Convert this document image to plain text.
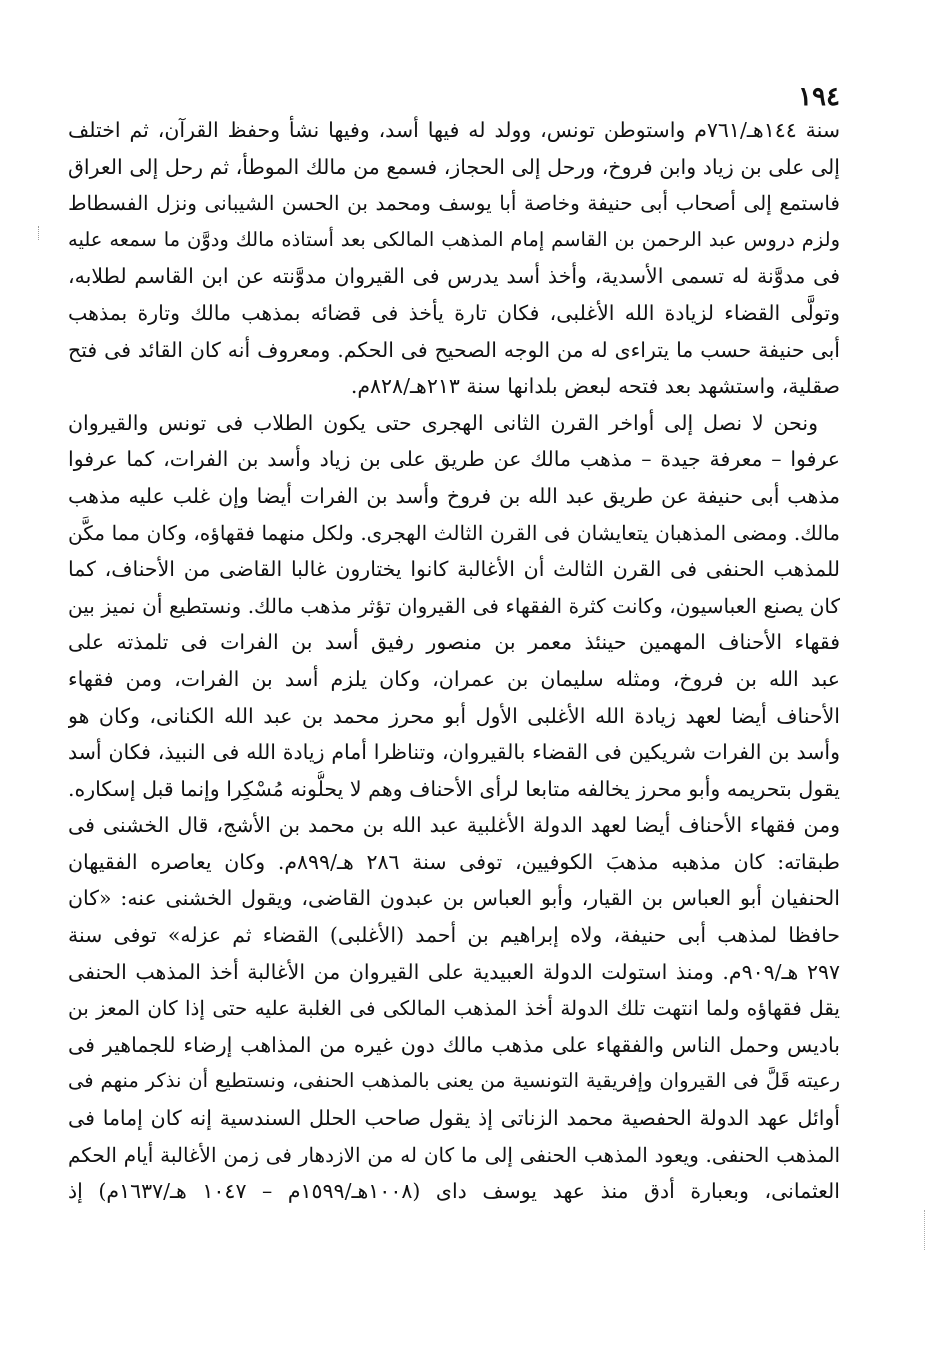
١٩٤
سنة ١٤٤هـ/٧٦١م واستوطن تونس، وولد له فيها أسد، وفيها نشأ وحفظ القرآن، ثم اختلف
إلى على بن زياد وابن فروخ، ورحل إلى الحجاز، فسمع من مالك الموطأ، ثم رحل إلى العراق
فاستمع إلى أصحاب أبى حنيفة وخاصة أبا يوسف ومحمد بن الحسن الشيبانى ونزل الفسطاط
ولزم دروس عبد الرحمن بن القاسم إمام المذهب المالكى بعد أستاذه مالك ودوَّن ما سمعه عليه
فى مدوَّنة له تسمى الأسدية، وأخذ أسد يدرس فى القيروان مدوَّنته عن ابن القاسم لطلابه،
وتولَّى القضاء لزيادة الله الأغلبى، فكان تارة يأخذ فى قضائه بمذهب مالك وتارة بمذهب
أبى حنيفة حسب ما يتراءى له من الوجه الصحيح فى الحكم. ومعروف أنه كان القائد فى فتح
صقلية، واستشهد بعد فتحه لبعض بلدانها سنة ٢١٣هـ/٨٢٨م.
ونحن لا نصل إلى أواخر القرن الثانى الهجرى حتى يكون الطلاب فى تونس والقيروان
عرفوا – معرفة جيدة – مذهب مالك عن طريق على بن زياد وأسد بن الفرات، كما عرفوا
مذهب أبى حنيفة عن طريق عبد الله بن فروخ وأسد بن الفرات أيضا وإن غلب عليه مذهب
مالك. ومضى المذهبان يتعايشان فى القرن الثالث الهجرى. ولكل منهما فقهاؤه، وكان مما مكَّن
للمذهب الحنفى فى القرن الثالث أن الأغالبة كانوا يختارون غالبا القاضى من الأحناف، كما
كان يصنع العباسيون، وكانت كثرة الفقهاء فى القيروان تؤثر مذهب مالك. ونستطيع أن نميز بين
فقهاء الأحناف المهمين حينئذ معمر بن منصور رفيق أسد بن الفرات فى تلمذته على
عبد الله بن فروخ، ومثله سليمان بن عمران، وكان يلزم أسد بن الفرات، ومن فقهاء
الأحناف أيضا لعهد زيادة الله الأغلبى الأول أبو محرز محمد بن عبد الله الكنانى، وكان هو
وأسد بن الفرات شريكين فى القضاء بالقيروان، وتناظرا أمام زيادة الله فى النبيذ، فكان أسد
يقول بتحريمه وأبو محرز يخالفه متابعا لرأى الأحناف وهم لا يحلُّونه مُسْكِرا وإنما قبل إسكاره.
ومن فقهاء الأحناف أيضا لعهد الدولة الأغلبية عبد الله بن محمد بن الأشج، قال الخشنى فى
طبقاته: كان مذهبه مذهبَ الكوفيين، توفى سنة ٢٨٦ هـ/٨٩٩م. وكان يعاصره الفقيهان
الحنفيان أبو العباس بن القيار، وأبو العباس بن عبدون القاضى، ويقول الخشنى عنه: «كان
حافظا لمذهب أبى حنيفة، ولاه إبراهيم بن أحمد (الأغلبى) القضاء ثم عزله» توفى سنة
٢٩٧ هـ/٩٠٩م. ومنذ استولت الدولة العبيدية على القيروان من الأغالبة أخذ المذهب الحنفى
يقل فقهاؤه ولما انتهت تلك الدولة أخذ المذهب المالكى فى الغلبة عليه حتى إذا كان المعز بن
باديس وحمل الناس والفقهاء على مذهب مالك دون غيره من المذاهب إرضاء للجماهير فى
رعيته قَلَّ فى القيروان وإفريقية التونسية من يعنى بالمذهب الحنفى، ونستطيع أن نذكر منهم فى
أوائل عهد الدولة الحفصية محمد الزناتى إذ يقول صاحب الحلل السندسية إنه كان إماما فى
المذهب الحنفى. ويعود المذهب الحنفى إلى ما كان له من الازدهار فى زمن الأغالبة أيام الحكم
العثمانى، وبعبارة أدق منذ عهد يوسف داى (١٠٠٨هـ/١٥٩٩م – ١٠٤٧ هـ/١٦٣٧م) إذ
